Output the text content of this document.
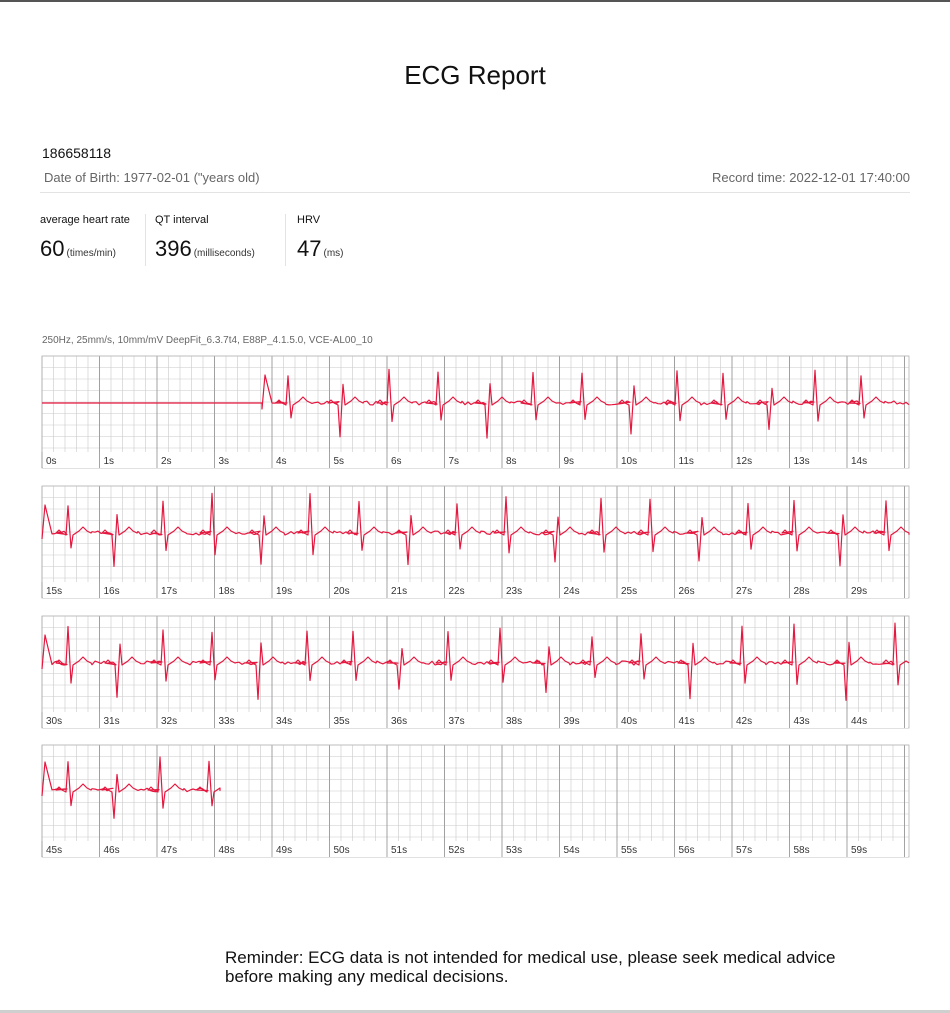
ECG Report
186658118
Date of Birth: 1977-02-01 ("years old)	Record time: 2022-12-01 17:40:00
average heart rate
60 (times/min)
QT interval
396 (milliseconds)
HRV
47 (ms)
250Hz, 25mm/s, 10mm/mV DeepFit_6.3.7t4, E88P_4.1.5.0, VCE-AL00_10
0s	1s	2s	3s	4s	5s	6s	7s	8s	9s	10s	11s	12s	13s	14s
15s	16s	17s	18s	19s	20s	21s	22s	23s	24s	25s	26s	27s	28s	29s
30s	31s	32s	33s	34s	35s	36s	37s	38s	39s	40s	41s	42s	43s	44s
45s	46s	47s	48s	49s	50s	51s	52s	53s	54s	55s	56s	57s	58s	59s
Reminder: ECG data is not intended for medical use, please seek medical advice
before making any medical decisions.
